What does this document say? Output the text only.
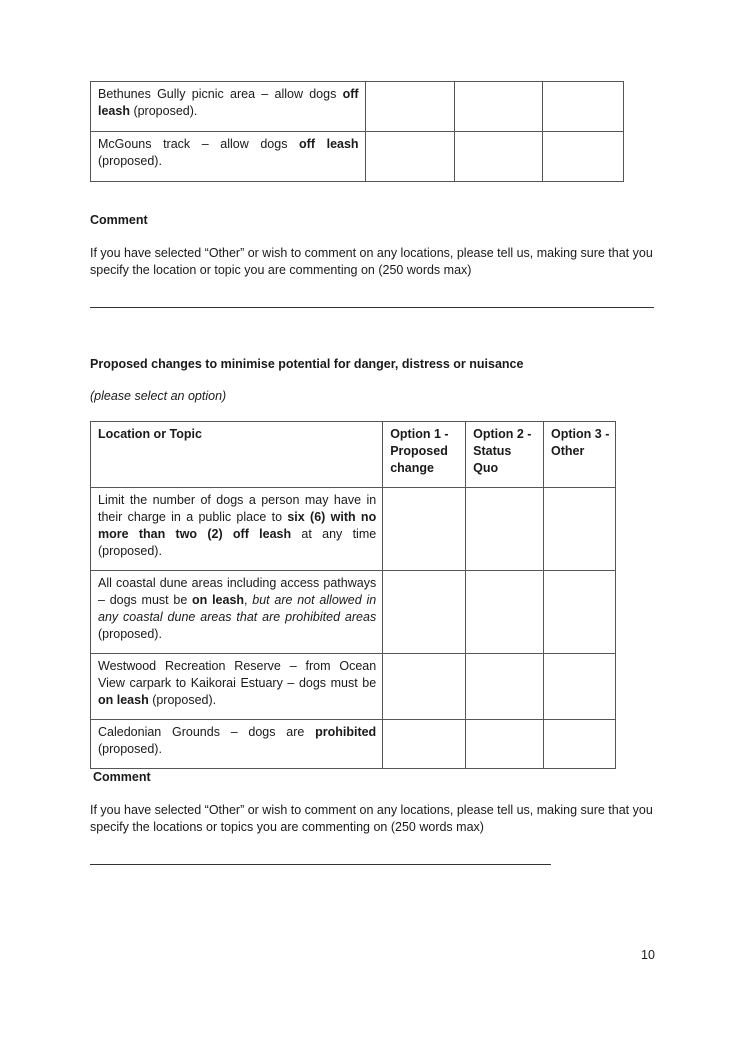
Bethunes Gully picnic area – allow dogs off leash (proposed).			

McGouns track – allow dogs off leash (proposed).			

Comment
If you have selected “Other” or wish to comment on any locations, please tell us, making sure that you specify the location or topic you are commenting on (250 words max)
Proposed changes to minimise potential for danger, distress or nuisance
(please select an option)
Location or Topic	Option 1 - Proposed change	Option 2 - Status Quo	Option 3 - Other

Limit the number of dogs a person may have in their charge in a public place to six (6) with no more than two (2) off leash at any time (proposed).			

All coastal dune areas including access pathways – dogs must be on leash, but are not allowed in any coastal dune areas that are prohibited areas (proposed).			

Westwood Recreation Reserve – from Ocean View carpark to Kaikorai Estuary – dogs must be on leash (proposed).			

Caledonian Grounds – dogs are prohibited (proposed).			

Comment
If you have selected “Other” or wish to comment on any locations, please tell us, making sure that you specify the locations or topics you are commenting on (250 words max)
10
